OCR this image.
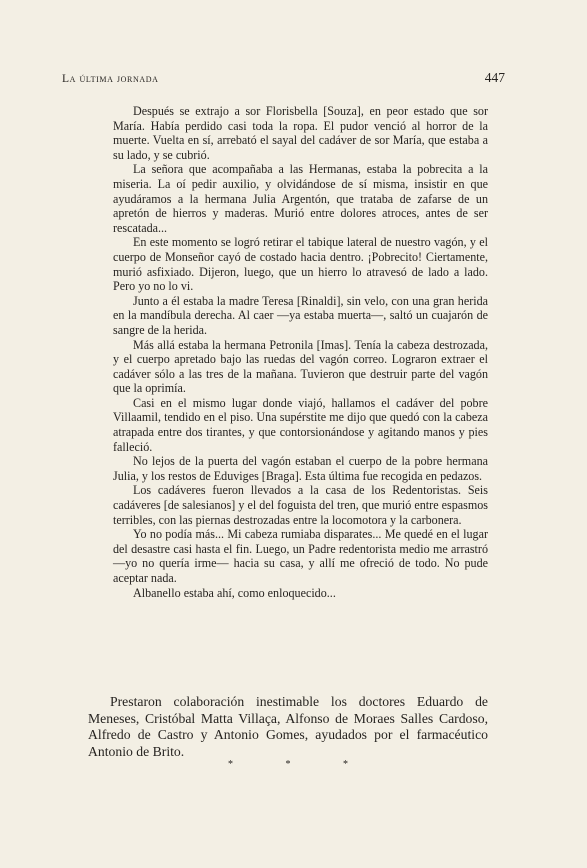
La última jornada	447

Después se extrajo a sor Florisbella [Souza], en peor estado que sor María. Había perdido casi toda la ropa. El pudor venció al horror de la muerte. Vuelta en sí, arrebató el sayal del cadáver de sor María, que estaba a su lado, y se cubrió.

La señora que acompañaba a las Hermanas, estaba la pobrecita a la miseria. La oí pedir auxilio, y olvidándose de sí misma, insistir en que ayudáramos a la hermana Julia Argentón, que trataba de zafarse de un apretón de hierros y maderas. Murió entre dolores atroces, antes de ser rescatada...

En este momento se logró retirar el tabique lateral de nuestro vagón, y el cuerpo de Monseñor cayó de costado hacia dentro. ¡Pobrecito! Ciertamente, murió asfixiado. Dijeron, luego, que un hierro lo atravesó de lado a lado. Pero yo no lo vi.

Junto a él estaba la madre Teresa [Rinaldi], sin velo, con una gran herida en la mandíbula derecha. Al caer —ya estaba muerta—, saltó un cuajarón de sangre de la herida.

Más allá estaba la hermana Petronila [Imas]. Tenía la cabeza destrozada, y el cuerpo apretado bajo las ruedas del vagón correo. Lograron extraer el cadáver sólo a las tres de la mañana. Tuvieron que destruir parte del vagón que la oprimía.

Casi en el mismo lugar donde viajó, hallamos el cadáver del pobre Villaamil, tendido en el piso. Una supérstite me dijo que quedó con la cabeza atrapada entre dos tirantes, y que contorsionándose y agitando manos y pies falleció.

No lejos de la puerta del vagón estaban el cuerpo de la pobre hermana Julia, y los restos de Eduviges [Braga]. Esta última fue recogida en pedazos.

Los cadáveres fueron llevados a la casa de los Redentoristas. Seis cadáveres [de salesianos] y el del foguista del tren, que murió entre espasmos terribles, con las piernas destrozadas entre la locomotora y la carbonera.

Yo no podía más... Mi cabeza rumiaba disparates... Me quedé en el lugar del desastre casi hasta el fin. Luego, un Padre redentorista medio me arrastró —yo no quería irme— hacia su casa, y allí me ofreció de todo. No pude aceptar nada.

Albanello estaba ahí, como enloquecido...

Prestaron colaboración inestimable los doctores Eduardo de Meneses, Cristóbal Matta Villaça, Alfonso de Moraes Salles Cardoso, Alfredo de Castro y Antonio Gomes, ayudados por el farmacéutico Antonio de Brito.

*	*	*
